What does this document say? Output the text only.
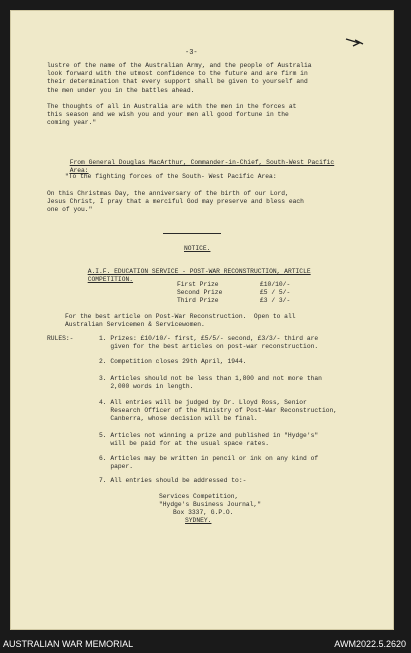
-3-
lustre of the name of the Australian Army, and the people of Australia
look forward with the utmost confidence to the future and are firm in
their determination that every support shall be given to yourself and
the men under you in the battles ahead.
The thoughts of all in Australia are with the men in the forces at
this season and we wish you and your men all good fortune in the
coming year."

From General Douglas MacArthur, Commander-in-Chief, South-West Pacific

Area:

"To the fighting forces of the South- West Pacific Area:
On this Christmas Day, the anniversary of the birth of our Lord,
Jesus Christ, I pray that a merciful God may preserve and bless each
one of you."
NOTICE.

A.I.F. EDUCATION SERVICE - POST-WAR RECONSTRUCTION, ARTICLE

COMPETITION.

First Prize	£10/10/-
Second Prize	£5 / 5/-
Third Prize	£3 / 3/-
For the best article on Post-War Reconstruction.  Open to all
Australian Servicemen & Servicewomen.
RULES:-	1. Prizes: £10/10/- first, £5/5/- second, £3/3/- third are
given for the best articles on post-war reconstruction.
2. Competition closes 29th April, 1944.
3. Articles should not be less than 1,800 and not more than
2,000 words in length.
4. All entries will be judged by Dr. Lloyd Ross, Senior
Research Officer of the Ministry of Post-War Reconstruction,
Canberra, whose decision will be final.
5. Articles not winning a prize and published in "Hydge's"
will be paid for at the usual space rates.
6. Articles may be written in pencil or ink on any kind of
paper.
7. All entries should be addressed to:-
Services Competition,
"Hydge's Business Journal,"
Box 3337, G.P.O.
SYDNEY.
AUSTRALIAN WAR MEMORIAL	AWM2022.5.2620
